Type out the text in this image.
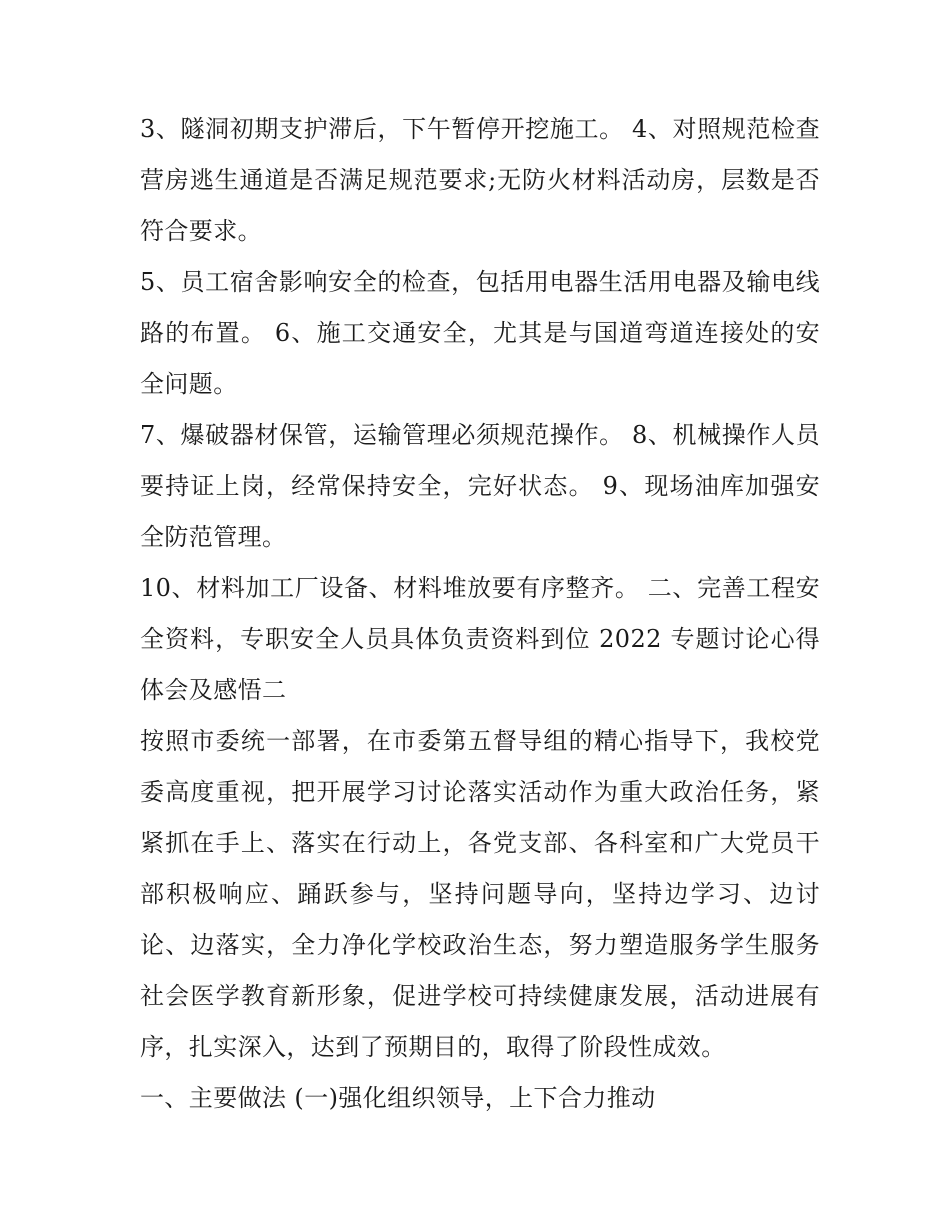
3、隧洞初期支护滞后，下午暂停开挖施工。 4、对照规范检查营房逃生通道是否满足规范要求;无防火材料活动房，层数是否符合要求。

5、员工宿舍影响安全的检查，包括用电器生活用电器及输电线路的布置。 6、施工交通安全，尤其是与国道弯道连接处的安全问题。

7、爆破器材保管，运输管理必须规范操作。 8、机械操作人员要持证上岗，经常保持安全，完好状态。 9、现场油库加强安全防范管理。

10、材料加工厂设备、材料堆放要有序整齐。 二、完善工程安全资料，专职安全人员具体负责资料到位 2022 专题讨论心得体会及感悟二

按照市委统一部署，在市委第五督导组的精心指导下，我校党委高度重视，把开展学习讨论落实活动作为重大政治任务，紧紧抓在手上、落实在行动上，各党支部、各科室和广大党员干部积极响应、踊跃参与，坚持问题导向，坚持边学习、边讨论、边落实，全力净化学校政治生态，努力塑造服务学生服务社会医学教育新形象，促进学校可持续健康发展，活动进展有序，扎实深入，达到了预期目的，取得了阶段性成效。

一、主要做法 (一)强化组织领导，上下合力推动
